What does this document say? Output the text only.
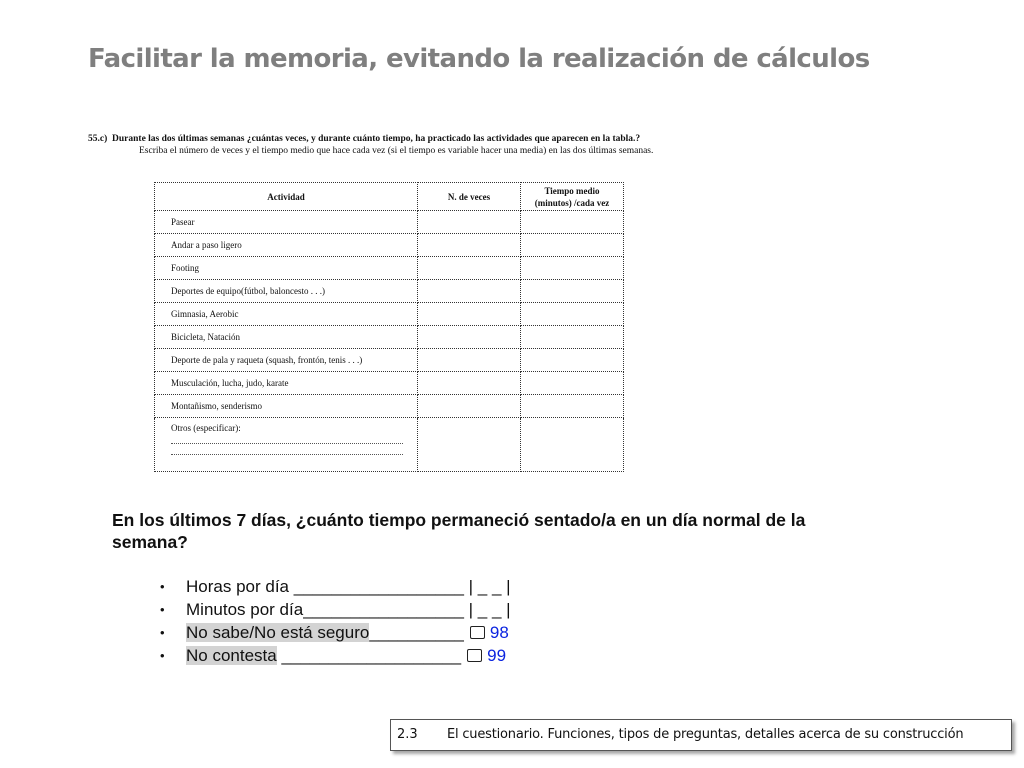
Facilitar la memoria, evitando la realización de cálculos
55.c) Durante las dos últimas semanas ¿cuántas veces, y durante cuánto tiempo, ha practicado las actividades que aparecen en la tabla.?
Escriba el número de veces y el tiempo medio que hace cada vez (si el tiempo es variable hacer una media) en las dos últimas semanas.
Actividad	N. de veces	Tiempo medio
(minutos) /cada vez

Pasear		
Andar a paso ligero		
Footing		
Deportes de equipo(fútbol, baloncesto . . .)		
Gimnasia, Aerobic		
Bicicleta, Natación		
Deporte de pala y raqueta (squash, frontón, tenis . . .)		
Musculación, lucha, judo, karate		
Montañismo, senderismo		

Otros (especificar):		

En los últimos 7 días, ¿cuánto tiempo permaneció sentado/a en un día normal de la semana?
• Horas por día __________________ | _ _ |
• Minutos por día_________________ | _ _ |
• No sabe/No está seguro__________ 98
• No contesta ___________________ 99
2.3 El cuestionario. Funciones, tipos de preguntas, detalles acerca de su construcción
